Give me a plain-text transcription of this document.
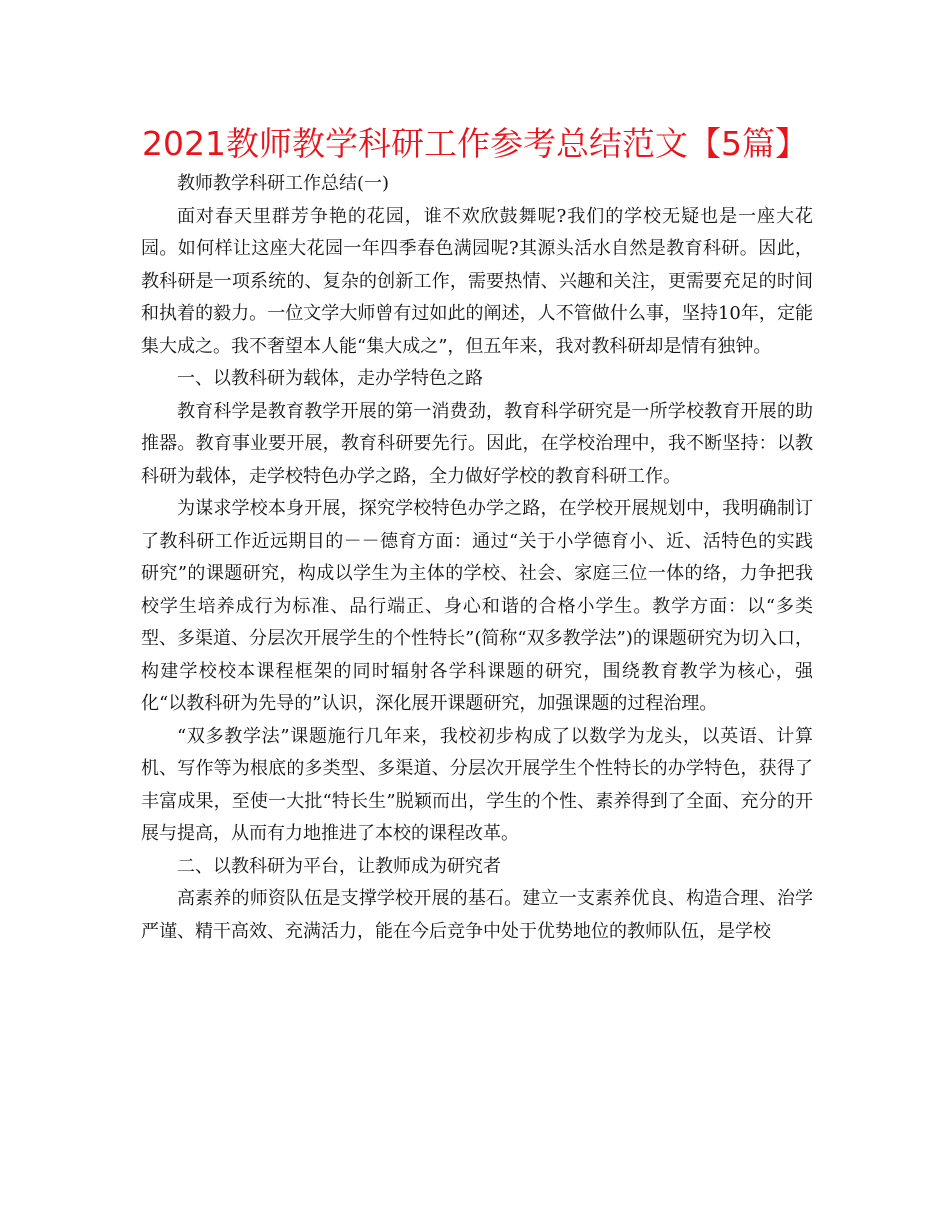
2021教师教学科研工作参考总结范文【5篇】

教师教学科研工作总结(一)

面对春天里群芳争艳的花园，谁不欢欣鼓舞呢?我们的学校无疑也是一座大花园。如何样让这座大花园一年四季春色满园呢?其源头活水自然是教育科研。因此，教科研是一项系统的、复杂的创新工作，需要热情、兴趣和关注，更需要充足的时间和执着的毅力。一位文学大师曾有过如此的阐述，人不管做什么事，坚持10年，定能集大成之。我不奢望本人能“集大成之”，但五年来，我对教科研却是情有独钟。

一、以教科研为载体，走办学特色之路

教育科学是教育教学开展的第一消费劲，教育科学研究是一所学校教育开展的助推器。教育事业要开展，教育科研要先行。因此，在学校治理中，我不断坚持：以教科研为载体，走学校特色办学之路，全力做好学校的教育科研工作。

为谋求学校本身开展，探究学校特色办学之路，在学校开展规划中，我明确制订了教科研工作近远期目的－－德育方面：通过“关于小学德育小、近、活特色的实践研究”的课题研究，构成以学生为主体的学校、社会、家庭三位一体的络，力争把我校学生培养成行为标准、品行端正、身心和谐的合格小学生。教学方面：以“多类型、多渠道、分层次开展学生的个性特长”(简称“双多教学法”)的课题研究为切入口，构建学校校本课程框架的同时辐射各学科课题的研究，围绕教育教学为核心，强化“以教科研为先导的”认识，深化展开课题研究，加强课题的过程治理。

“双多教学法”课题施行几年来，我校初步构成了以数学为龙头，以英语、计算机、写作等为根底的多类型、多渠道、分层次开展学生个性特长的办学特色，获得了丰富成果，至使一大批“特长生”脱颖而出，学生的个性、素养得到了全面、充分的开展与提高，从而有力地推进了本校的课程改革。

二、以教科研为平台，让教师成为研究者

高素养的师资队伍是支撑学校开展的基石。建立一支素养优良、构造合理、治学严谨、精干高效、充满活力，能在今后竞争中处于优势地位的教师队伍，是学校
